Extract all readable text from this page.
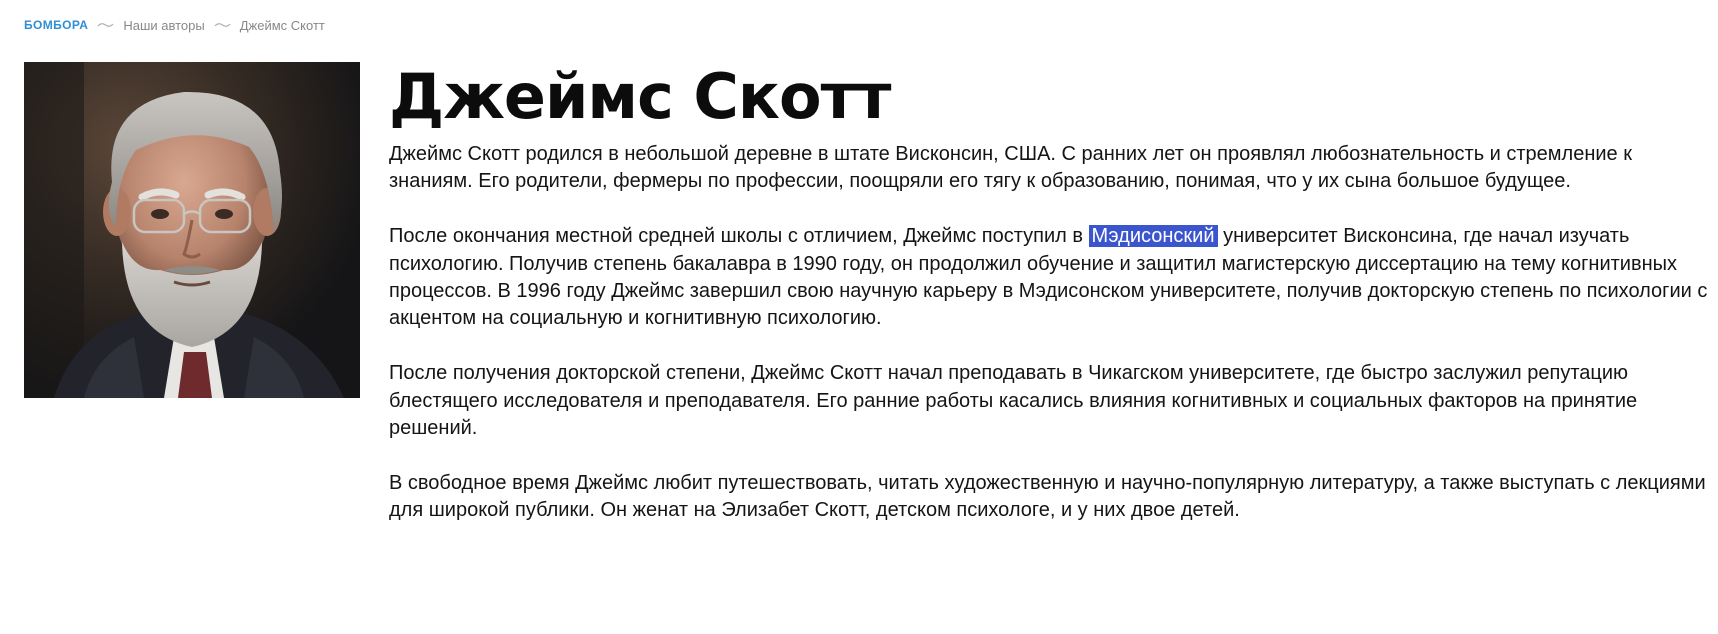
БОМБОРА	Наши авторы	Джеймс Скотт
Джеймс Скотт

Джеймс Скотт родился в небольшой деревне в штате Висконсин, США. С ранних лет он проявлял любознательность и стремление к знаниям. Его родители, фермеры по профессии, поощряли его тягу к образованию, понимая, что у их сына большое будущее.

После окончания местной средней школы с отличием, Джеймс поступил в Мэдисонский университет Висконсина, где начал изучать психологию. Получив степень бакалавра в 1990 году, он продолжил обучение и защитил магистерскую диссертацию на тему когнитивных процессов. В 1996 году Джеймс завершил свою научную карьеру в Мэдисонском университете, получив докторскую степень по психологии с акцентом на социальную и когнитивную психологию.

После получения докторской степени, Джеймс Скотт начал преподавать в Чикагском университете, где быстро заслужил репутацию блестящего исследователя и преподавателя. Его ранние работы касались влияния когнитивных и социальных факторов на принятие решений.

В свободное время Джеймс любит путешествовать, читать художественную и научно-популярную литературу, а также выступать с лекциями для широкой публики. Он женат на Элизабет Скотт, детском психологе, и у них двое детей.
